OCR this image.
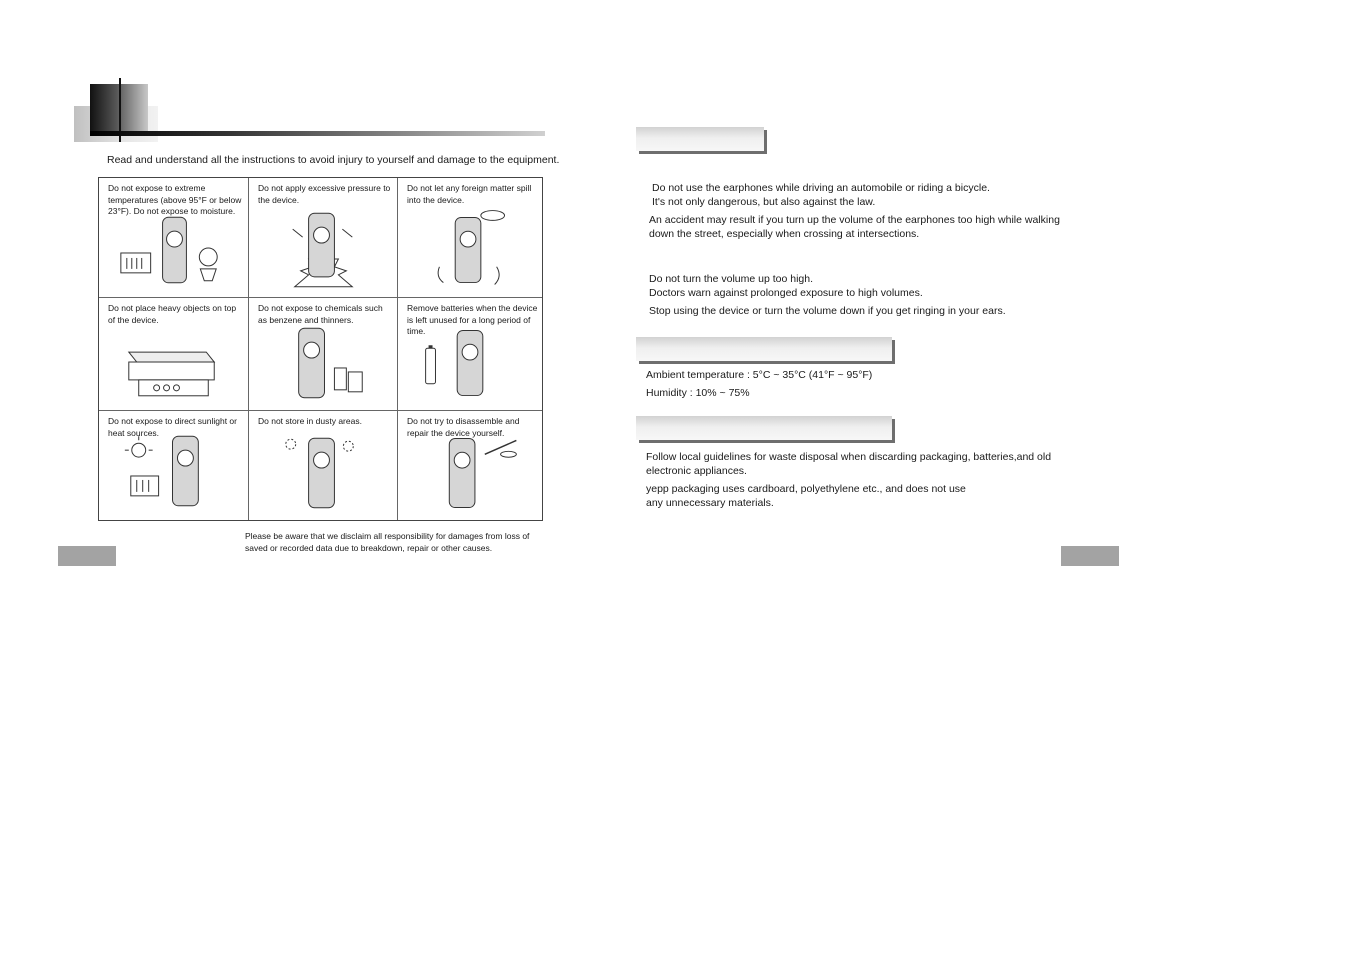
Read and understand all the instructions to avoid injury to yourself and damage to the equipment.
Do not expose to extreme temperatures (above 95°F or below 23°F). Do not expose to moisture.
Do not apply excessive pressure to the device.
Do not let any foreign matter spill into the device.
Do not place heavy objects on top of the device.
Do not expose to chemicals such as benzene and thinners.
Remove batteries when the device is left unused for a long period of time.
Do not expose to direct sunlight or heat sources.
Do not store in dusty areas.	Do not try to disassemble and repair the device yourself.
Please be aware that we disclaim all responsibility for damages from loss of saved or recorded data due to breakdown, repair or other causes.
Do not use the earphones while driving an automobile or riding a bicycle.
It's not only dangerous, but also against the law.
An accident may result if you turn up the volume of the earphones too high while walking
down the street, especially when crossing at intersections.
Do not turn the volume up too high.
Doctors warn against prolonged exposure to high volumes.
Stop using the device or turn the volume down if you get ringing in your ears.
Ambient temperature : 5°C ~ 35°C (41°F ~ 95°F)
Humidity : 10% ~ 75%
Follow local guidelines for waste disposal when discarding packaging, batteries,and old
electronic appliances.
yepp packaging uses cardboard, polyethylene etc., and does not use
any unnecessary materials.
